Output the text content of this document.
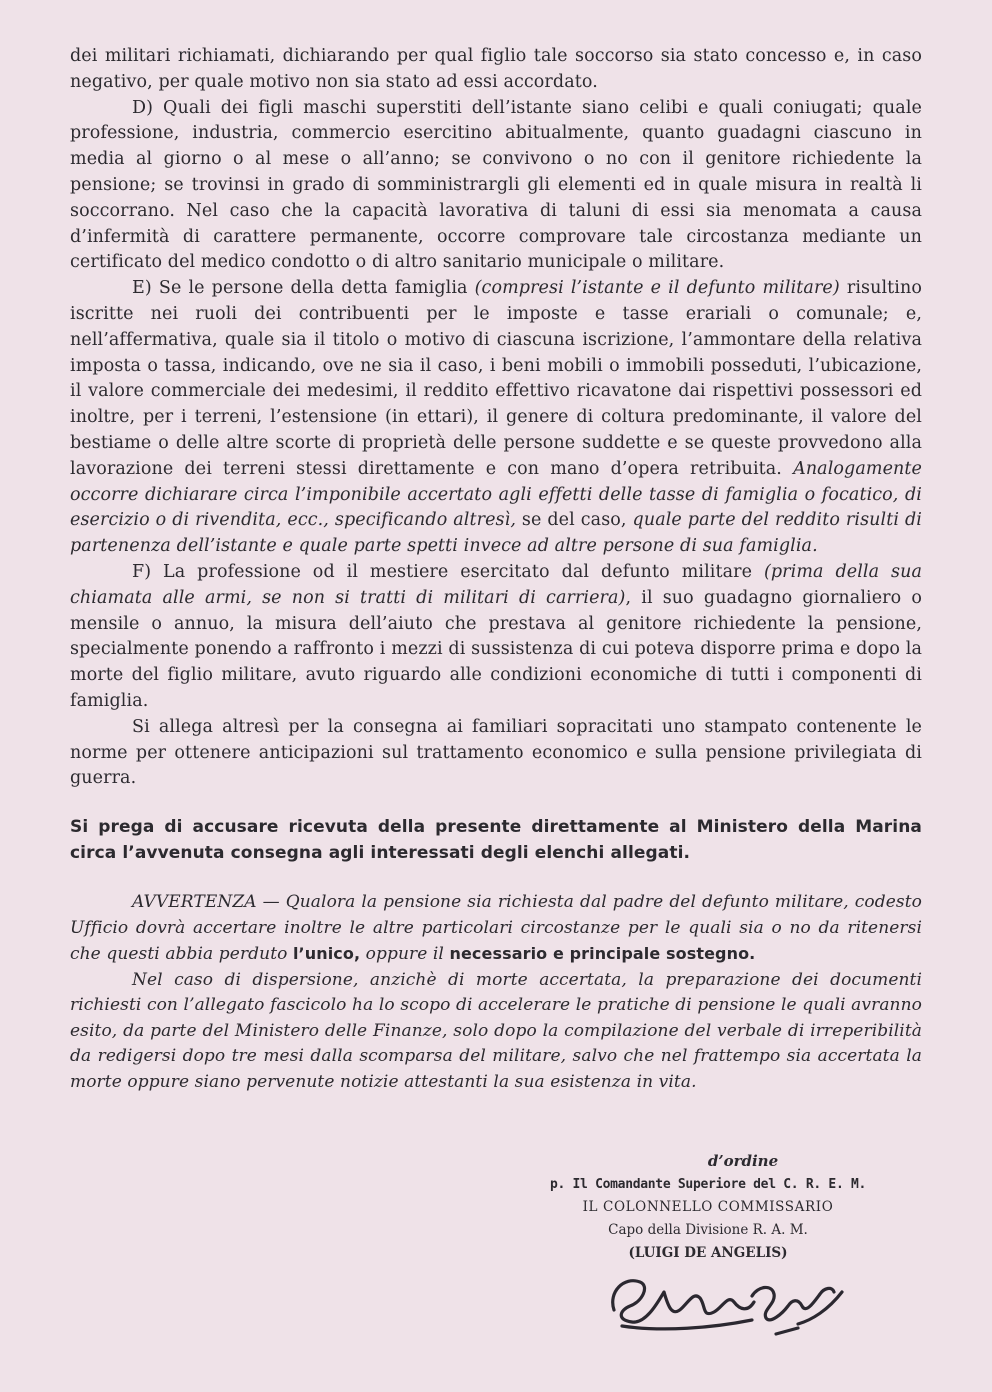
dei militari richiamati, dichiarando per qual figlio tale soccorso sia stato concesso e, in caso negativo, per quale motivo non sia stato ad essi accordato.

D) Quali dei figli maschi superstiti dell’istante siano celibi e quali coniugati; quale professione, industria, commercio esercitino abitualmente, quanto guadagni ciascuno in media al giorno o al mese o all’anno; se convivono o no con il genitore richiedente la pensione; se trovinsi in grado di somministrargli gli elementi ed in quale misura in realtà li soccorrano. Nel caso che la capacità lavorativa di taluni di essi sia menomata a causa d’infermità di carattere permanente, occorre comprovare tale circostanza mediante un certificato del medico condotto o di altro sanitario municipale o militare.

E) Se le persone della detta famiglia (compresi l’istante e il defunto militare) risultino iscritte nei ruoli dei contribuenti per le imposte e tasse erariali o comunale; e, nell’affermativa, quale sia il titolo o motivo di ciascuna iscrizione, l’ammontare della relativa imposta o tassa, indicando, ove ne sia il caso, i beni mobili o immobili posseduti, l’ubicazione, il valore commerciale dei medesimi, il reddito effettivo ricavatone dai rispettivi possessori ed inoltre, per i terreni, l’estensione (in ettari), il genere di coltura predominante, il valore del bestiame o delle altre scorte di proprietà delle persone suddette e se queste provvedono alla lavorazione dei terreni stessi direttamente e con mano d’opera retribuita. Analogamente occorre dichiarare circa l’imponibile accertato agli effetti delle tasse di famiglia o focatico, di esercizio o di rivendita, ecc., specificando altresì, se del caso, quale parte del reddito risulti di partenenza dell’istante e quale parte spetti invece ad altre persone di sua famiglia.

F) La professione od il mestiere esercitato dal defunto militare (prima della sua chiamata alle armi, se non si tratti di militari di carriera), il suo guadagno giornaliero o mensile o annuo, la misura dell’aiuto che prestava al genitore richiedente la pensione, specialmente ponendo a raffronto i mezzi di sussistenza di cui poteva disporre prima e dopo la morte del figlio militare, avuto riguardo alle condizioni economiche di tutti i componenti di famiglia.

Si allega altresì per la consegna ai familiari sopracitati uno stampato contenente le norme per ottenere anticipazioni sul trattamento economico e sulla pensione privilegiata di guerra.

Si prega di accusare ricevuta della presente direttamente al Ministero della Marina circa l’avvenuta consegna agli interessati degli elenchi allegati.

AVVERTENZA — Qualora la pensione sia richiesta dal padre del defunto militare, codesto Ufficio dovrà accertare inoltre le altre particolari circostanze per le quali sia o no da ritenersi che questi abbia perduto l’unico, oppure il necessario e principale sostegno.

Nel caso di dispersione, anzichè di morte accertata, la preparazione dei documenti richiesti con l’allegato fascicolo ha lo scopo di accelerare le pratiche di pensione le quali avranno esito, da parte del Ministero delle Finanze, solo dopo la compilazione del verbale di irreperibilità da redigersi dopo tre mesi dalla scomparsa del militare, salvo che nel frattempo sia accertata la morte oppure siano pervenute notizie attestanti la sua esistenza in vita.

d’ordine
p. Il Comandante Superiore del C. R. E. M.
IL COLONNELLO COMMISSARIO
Capo della Divisione R. A. M.
(LUIGI DE ANGELIS)
